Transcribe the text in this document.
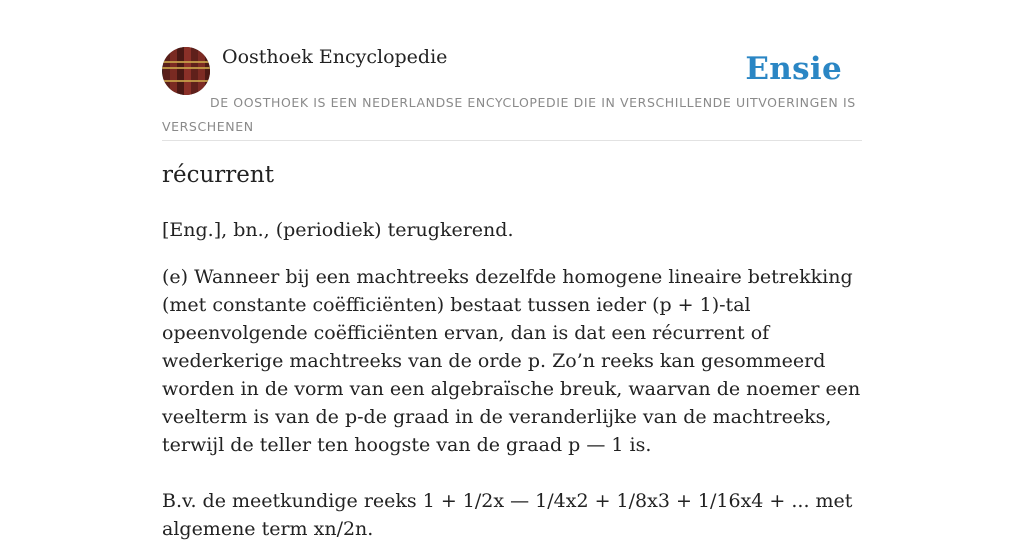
Oosthoek Encyclopedie	Ensie

DE OOSTHOEK IS EEN NEDERLANDSE ENCYCLOPEDIE DIE IN VERSCHILLENDE UITVOERINGEN IS VERSCHENEN

récurrent

[Eng.], bn., (periodiek) terugkerend.

(e) Wanneer bij een machtreeks dezelfde homogene lineaire betrekking (met constante coëfficiënten) bestaat tussen ieder (p + 1)-tal opeenvolgende coëfficiënten ervan, dan is dat een récurrent of wederkerige machtreeks van de orde p. Zo’n reeks kan gesommeerd worden in de vorm van een algebraïsche breuk, waarvan de noemer een veelterm is van de p-de graad in de veranderlijke van de machtreeks, terwijl de teller ten hoogste van de graad p — 1 is.

B.v. de meetkundige reeks 1 + 1/2x — 1/4x2 + 1/8x3 + 1/16x4 + ... met algemene term xn/2n.
